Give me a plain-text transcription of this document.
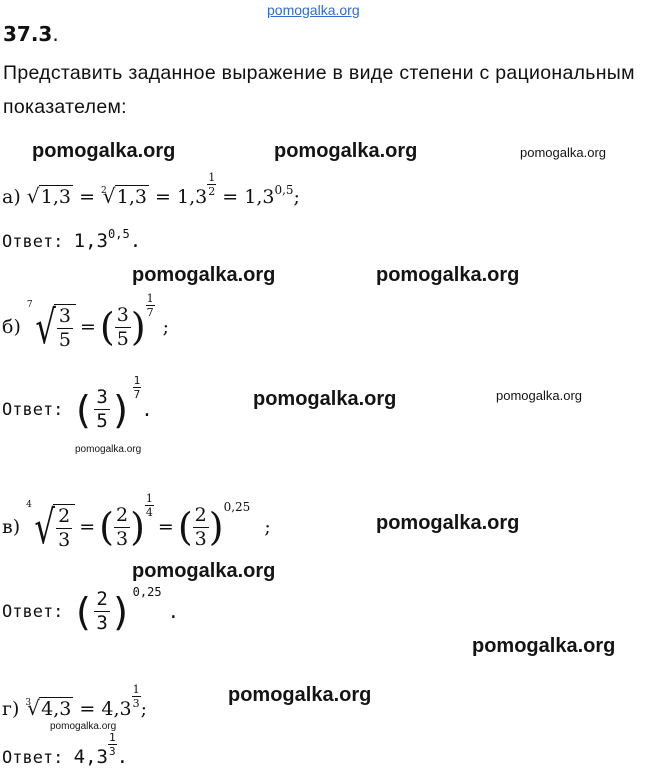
pomogalka.org
37.3.
Представить заданное выражение в виде степени с рациональным
показателем:
pomogalka.org	pomogalka.org	pomogalka.org
а) √ 1,3 = $^2$ √ $1,3 = 1,3 \frac{1}{2} = 1,3^{0,5}$;
Ответ: 1,3$^{0,5}$.
pomogalka.org	pomogalka.org
б)
7 √ $\frac{3}{5}$ = ( $\frac{3}{5}$ ) $\frac{1}{7}$
;
pomogalka.org	pomogalka.org
Ответ: ( $\frac{3}{5}$ ) $\frac{1}{7}$
.
pomogalka.org
в)
4 √ $\frac{2}{3}$ = ( $\frac{2}{3}$ ) $\frac{1}{4}$
= ( $\frac{2}{3} )^{0,25}$
;	pomogalka.org
pomogalka.org
Ответ: ( $\frac{2}{3} )^{0,25}$
.
pomogalka.org
pomogalka.org
г) $^3$ √ $4,3 = 4,3 \frac{1}{3}$ ;
pomogalka.org
Ответ: $4,3 \frac{1}{3}$ .
